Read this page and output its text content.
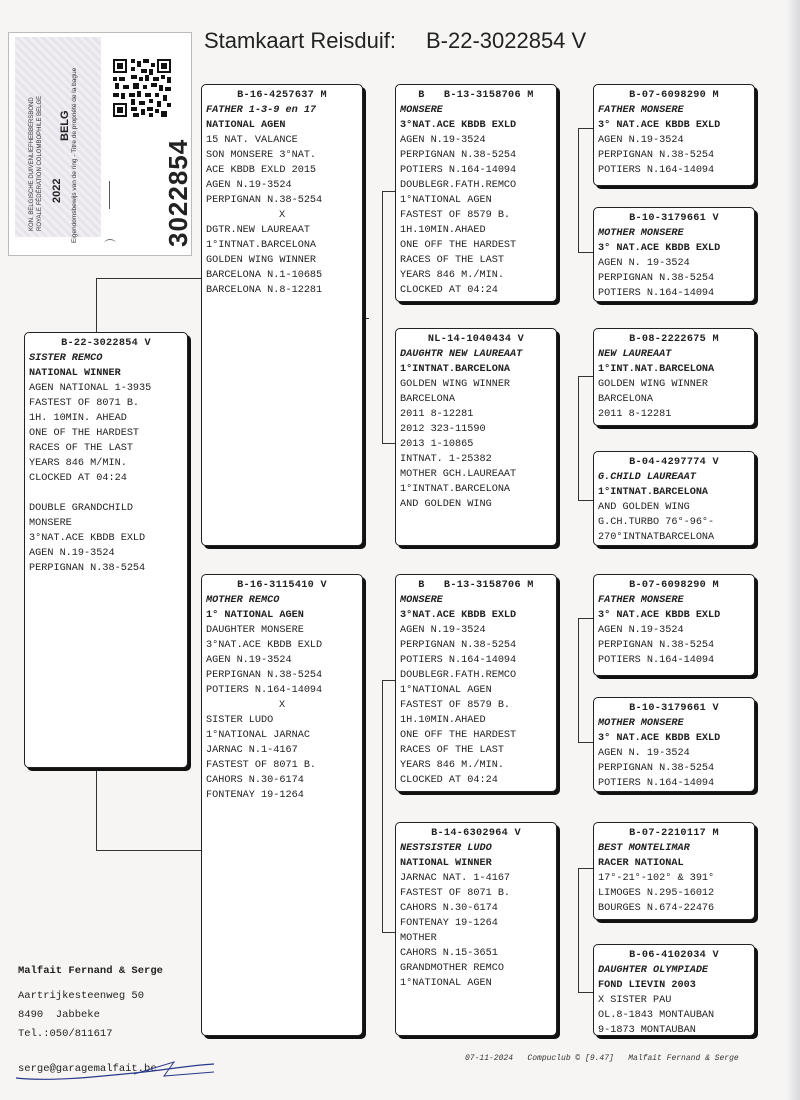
Stamkaart Reisduif: B-22-3022854 V
KON. BELGISCHE DUIVENLIEFHEBBERSBOND ROYALE FÉDÉRATION COLOMBOPHILE BELGE 2022
BELG Eigendomsbewijs van de ring - Titre de propriété de la bague	3022854
B-22-3022854 V
SISTER REMCO
NATIONAL WINNER
AGEN NATIONAL 1-3935
FASTEST OF 8071 B.
1H. 10MIN. AHEAD
ONE OF THE HARDEST
RACES OF THE LAST
YEARS 846 M/MIN.
CLOCKED AT 04:24
DOUBLE GRANDCHILD
MONSERE
3°NAT.ACE KBDB EXLD
AGEN N.19-3524
PERPIGNAN N.38-5254
B-16-4257637 M
FATHER 1-3-9 en 17
NATIONAL AGEN
15 NAT. VALANCE
SON MONSERE 3°NAT.
ACE KBDB EXLD 2015
AGEN N.19-3524
PERPIGNAN N.38-5254
X
DGTR.NEW LAUREAAT
1°INTNAT.BARCELONA
GOLDEN WING WINNER
BARCELONA N.1-10685
BARCELONA N.8-12281
B-16-3115410 V
MOTHER REMCO
1° NATIONAL AGEN
DAUGHTER MONSERE
3°NAT.ACE KBDB EXLD
AGEN N.19-3524
PERPIGNAN N.38-5254
POTIERS N.164-14094
X
SISTER LUDO
1°NATIONAL JARNAC
JARNAC N.1-4167
FASTEST OF 8071 B.
CAHORS N.30-6174
FONTENAY 19-1264
B   B-13-3158706 M
MONSERE
3°NAT.ACE KBDB EXLD
AGEN N.19-3524
PERPIGNAN N.38-5254
POTIERS N.164-14094
DOUBLEGR.FATH.REMCO
1°NATIONAL AGEN
FASTEST OF 8579 B.
1H.10MIN.AHAED
ONE OFF THE HARDEST
RACES OF THE LAST
YEARS 846 M./MIN.
CLOCKED AT 04:24
NL-14-1040434 V
DAUGHTR NEW LAUREAAT
1°INTNAT.BARCELONA
GOLDEN WING WINNER
BARCELONA
2011 8-12281
2012 323-11590
2013 1-10865
INTNAT. 1-25382
MOTHER GCH.LAUREAAT
1°INTNAT.BARCELONA
AND GOLDEN WING
B   B-13-3158706 M
MONSERE
3°NAT.ACE KBDB EXLD
AGEN N.19-3524
PERPIGNAN N.38-5254
POTIERS N.164-14094
DOUBLEGR.FATH.REMCO
1°NATIONAL AGEN
FASTEST OF 8579 B.
1H.10MIN.AHAED
ONE OFF THE HARDEST
RACES OF THE LAST
YEARS 846 M./MIN.
CLOCKED AT 04:24
B-14-6302964 V
NESTSISTER LUDO
NATIONAL WINNER
JARNAC NAT. 1-4167
FASTEST OF 8071 B.
CAHORS N.30-6174
FONTENAY 19-1264
MOTHER
CAHORS N.15-3651
GRANDMOTHER REMCO
1°NATIONAL AGEN
B-07-6098290 M
FATHER MONSERE
3° NAT.ACE KBDB EXLD
AGEN N.19-3524
PERPIGNAN N.38-5254
POTIERS N.164-14094
B-10-3179661 V
MOTHER MONSERE
3° NAT.ACE KBDB EXLD
AGEN N. 19-3524
PERPIGNAN N.38-5254
POTIERS N.164-14094
B-08-2222675 M
NEW LAUREAAT
1°INT.NAT.BARCELONA
GOLDEN WING WINNER
BARCELONA
2011 8-12281
B-04-4297774 V
G.CHILD LAUREAAT
1°INTNAT.BARCELONA
AND GOLDEN WING
G.CH.TURBO 76°-96°-
270°INTNATBARCELONA
B-07-6098290 M
FATHER MONSERE
3° NAT.ACE KBDB EXLD
AGEN N.19-3524
PERPIGNAN N.38-5254
POTIERS N.164-14094
B-10-3179661 V
MOTHER MONSERE
3° NAT.ACE KBDB EXLD
AGEN N. 19-3524
PERPIGNAN N.38-5254
POTIERS N.164-14094
B-07-2210117 M
BEST MONTELIMAR
RACER NATIONAL
17°-21°-102° & 391°
LIMOGES N.295-16012
BOURGES N.674-22476
B-06-4102034 V
DAUGHTER OLYMPIADE
FOND LIEVIN 2003
X SISTER PAU
OL.8-1843 MONTAUBAN
9-1873 MONTAUBAN
Malfait Fernand & Serge
Aartrijkesteenweg 50
8490  Jabbeke
Tel.:050/811617
serge@garagemalfait.be
07-11-2024 Compuclub © [9.47] Malfait Fernand & Serge
